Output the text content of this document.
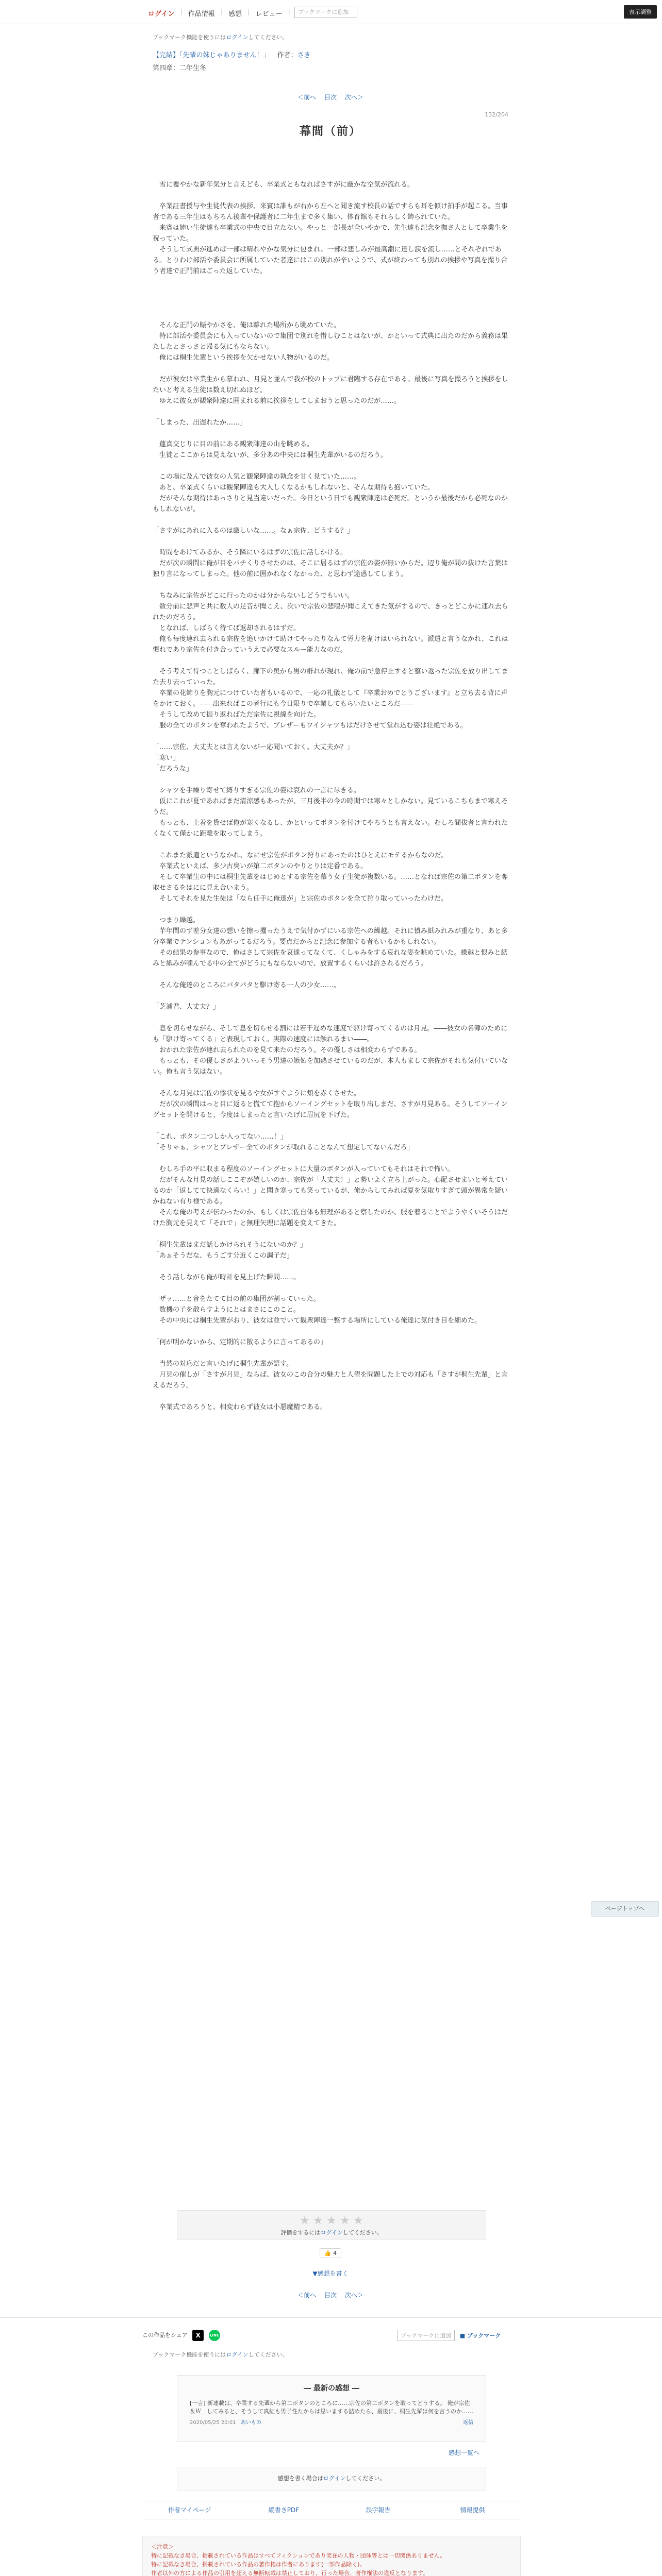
ログイン | 作品情報 | 感想 | レビュー |	ブックマークに追加	表示調整
ブックマーク機能を使うにはログインしてください。
【完結】「先輩の妹じゃありません！」 作者：さき
第四章：二年生冬
＜前へ 目次 次へ＞
132/204
幕間（前）

　雪に覆やかな新年気分と言えども、卒業式ともなればさすがに厳かな空気が流れる。

　卒業証書授与や生徒代表の挨拶、来賓は誰もが右から左へと聞き流す校長の話ですらも耳を傾け拍手が起こる。当事者である三年生はもちろん後輩や保護者に二年生まで多く集い、体育館もそれらしく飾られていた。

　来賓は姉い生徒達も卒業式の中央で目立たない。やっと一部長が全いやかで、先生達も記念を撫さ人として卒業生を祝っていた。

　そうして式典が進めば一部は晴れやかな気分に包まれ、一部は悲しみが最高潮に達し涙を流し……とそれぞれである。とりわけ部活や委員会に所属していた者達にはこの別れが辛いようで、式が終わっても別れの挨拶や写真を撮り合う者達で正門前はごった返していた。

　そんな正門の賑やかさを、俺は離れた場所から眺めていた。

　特に部活や委員会にも入っていないので集団で別れを惜しむことはないが、かといって式典に出たのだから義務は果たしたとさっさと帰る気にもならない。

　俺には桐生先輩という挨拶を欠かせない人物がいるのだ。

　だが彼女は卒業生から慕われ、月見と並んで我が校のトップに君臨する存在である。最後に写真を撮ろうと挨拶をしたいと考える生徒は数え切れぬほど。

　ゆえに彼女が観衆陣達に囲まれる前に挨拶をしてしまおうと思ったのだが……。

「しまった、出遅れたか……」

　蓮真交じりに目の前にある観衆陣達の山を眺める。

　生徒とここからは見えないが、多分あの中央には桐生先輩がいるのだろう。

　この場に及んで彼女の人気と観衆陣達の執念を甘く見ていた……。

　あと、卒業式くらいは観衆陣達も大人しくなるかもしれないと、そんな期待も抱いていた。

　だがそんな期待はあっさりと見当違いだった。今日という日でも観衆陣達は必死だ。というか最後だから必死なのかもしれないが。

「さすがにあれに入るのは厳しいな……。なぁ宗佐、どうする？」

　時間をあけてみるか、そう隣にいるはずの宗佐に話しかける。

　だが次の瞬間に俺が目をパチくりさせたのは、そこに居るはずの宗佐の姿が無いからだ。辺り俺が間の抜けた言葉は独り言になってしまった。他の前に囲かれなくなかった、と思わず途惑してしまう。

　ちなみに宗佐がどこに行ったのかは分からないしどうでもいい。

　数分前に悲声と共に数人の足音が聞こえ、次いで宗佐の悲鳴が聞こえてきた気がするので、きっとどこかに連れ去られたのだろう。

　となれば、しばらく待てば返却されるはずだ。

　俺も毎度連れ去られる宗佐を追いかけて助けてやったりなんて労力を割けはいられない。派遣と言うなかれ、これは慣れであり宗佐を付き合っていうえで必要なスルー能力なのだ。

　そう考えて待つことしばらく、廊下の奥から男の群れが現れ、俺の前で急停止すると整い返った宗佐を放り出してまた去り去っていった。

　卒業の花飾りを胸元につけていた者もいるので、一応の礼儀として『卒業おめでとうございます』と立ち去る背に声をかけておく。――出来ればこの者行にも今日限りで卒業してもらいたいところだ――

　そうして改めて振り返ればただ宗佐に視線を向けた。

　服の全てのボタンを奪われたようで、ブレザーもワイシャツもはだけさせて堂れ込む姿は壮絶である。

「……宗佐、大丈夫とは言えないがー応聞いておく。大丈夫か？」

「寒い」

「だろうな」

　シャツを手繰り寄せて縛りすぎる宗佐の姿は哀れの一言に尽きる。

　仮にこれが夏であればまだ清涼感もあったが、三月後半の今の時期では寒々としかない。見ているこちらまで寒えそうだ。

　もっとも、上着を貸せば俺が寒くなるし、かといってボタンを付けてやろうとも言えない。むしろ間抜者と言われたくなくて僅かに距離を取ってしまう。

　これまた派遣というなかれ、なにせ宗佐がボタン狩りにあったのはひとえにモテるからなのだ。

　卒業式といえば、多少古臭いが第二ボタンのやりとりは定番である。

　そして卒業生の中には桐生先輩をはじめとする宗佐を慕う女子生徒が複数いる。……となれば宗佐の第二ボタンを奪取せさるをはにに見え合いまう。

　そしてそれを見た生徒は「なら任手に俺達が」と宗佐のボタンを全て狩り取っていったわけだ。

　つまり繰越。

　芋年間のず差分女達の想いを擦っ攫ったうえで気付かずにいる宗佐への繰越。それに憤み紙みれみが重なり、あと多分卒業でテンションもあがってるだろう。要点だからと記念に参加する者もいるかもしれない。

　その結果の参事なので、俺はさして宗佐を哀達ってなくて、くしゃみをする哀れな姿を眺めていた。繰越と恨みと紙みと紙みが噛んでる中の全てがどうにもならないので、放置するくらいは許されるだろう。

　そんな俺達のところにパタパタと駆け寄る一人の少女……。

「芝浦君、大丈夫？」

　息を切らせながら、そして息を切らせる割には若干遅めな速度で駆け寄ってくるのは月見。――彼女の名簿のためにも「駆け寄ってくる」と表現しておく。実際の速度には触れるまい――。

　おかれた宗佐が連れ去られたのを見て来たのだろう。その優しさは相変わらずである。

　もっとも、その優しさがよりいっそう男達の嫉妬を加熱させているのだが、本人もまして宗佐がそれも気付いていない。俺も言う気はない。

　そんな月見は宗佐の惨状を見るや女がすぐように頬を赤くさせた。

　だが次の瞬間はっと目に返ると慌てて抱からソーイングセットを取り出しまだ、さすが月見ある。そうしてソーイングセットを開けると、今度はしまったと言いたげに眉尻を下げた。

「これ、ボタン二つしか入ってない……！」

「そりゃぁ、シャツとブレザー全てのボタンが取れることなんて想定してないんだろ」

　むしろ手の平に収まる程度のソーイングセットに大量のボタンが入っていてもそれはそれで怖い。

　だがそんな月見の話しここぞが嬉しいのか、宗佐が「大丈夫！」と勢いよく立ち上がった。心配させまいと考えているのか「返してて快適なくらい！」と聞き寒っても笑っているが、俺からしてみれば夏を気取りすぎて頭が異常を疑いかねない有り様である。

　そんな俺の考えが伝わったのか、もしくは宗佐自体も無理があると察したのか、服を着ることでようやくいそうはだけた胸元を見えて「それで」と無理矢理に話題を変えてきた。

「桐生先輩はまだ話しかけられそうにないのか？」

「あぁそうだな、もうごす分近くこの調子だ」

　そう話しながら俺が時計を見上げた瞬間……。

　ザッ……と音をたてて目の前の集団が割っていった。

　数機の子を散らすようにとはまさにこのこと。

　その中央には桐生先輩がおり、彼女は並でいて観衆陣達一整する場所にしている俺達に気付き目を細めた。

「何が明かないから、定期的に散るように言ってあるの」

　当然の対応だと言いたげに桐生先輩が語す。

　月見の催しが「さすが月見」ならば、彼女のこの合分の魅力と人望を問題した上での対応も「さすが桐生先輩」と言えるだろう。

　卒業式であろうと、相変わらず彼女は小悪魔精である。

ページトップへ
★ ★ ★ ★ ★
評価をするにはログインしてください。
👍 4
▼感想を書く
＜前へ 目次 次へ＞
この作品をシェア X	LINE	ブックマークに追加 ■ ブックマーク
ブックマーク機能を使うにはログインしてください。
― 最新の感想 ―
[一言] 新連載は、卒業する先輩から第二ボタンのところに……宗佐の第二ボタンを取ってどうする。 俺が宗佐＆Ｗ　してみると、そうして真紅も男子性たからは思いまする詰めたら、最後に、桐生先輩は何を言うのか……
2020/05/25 20:01 あいもの	返信
感想一覧へ
感想を書く場合はログインしてください。
作者マイページ	縦書きPDF	誤字報告	情報提供
＜注意＞
特に記載なき場合、掲載されている作品はすべてフィクションであり実在の人物・団体等とは一切関係ありません。
特に記載なき場合、掲載されている作品の著作権は作者にあります(一部作品除く)。
作者以外の方による作品の引用を超える無断転載は禁止しており、行った場合、著作権法の違反となります。
